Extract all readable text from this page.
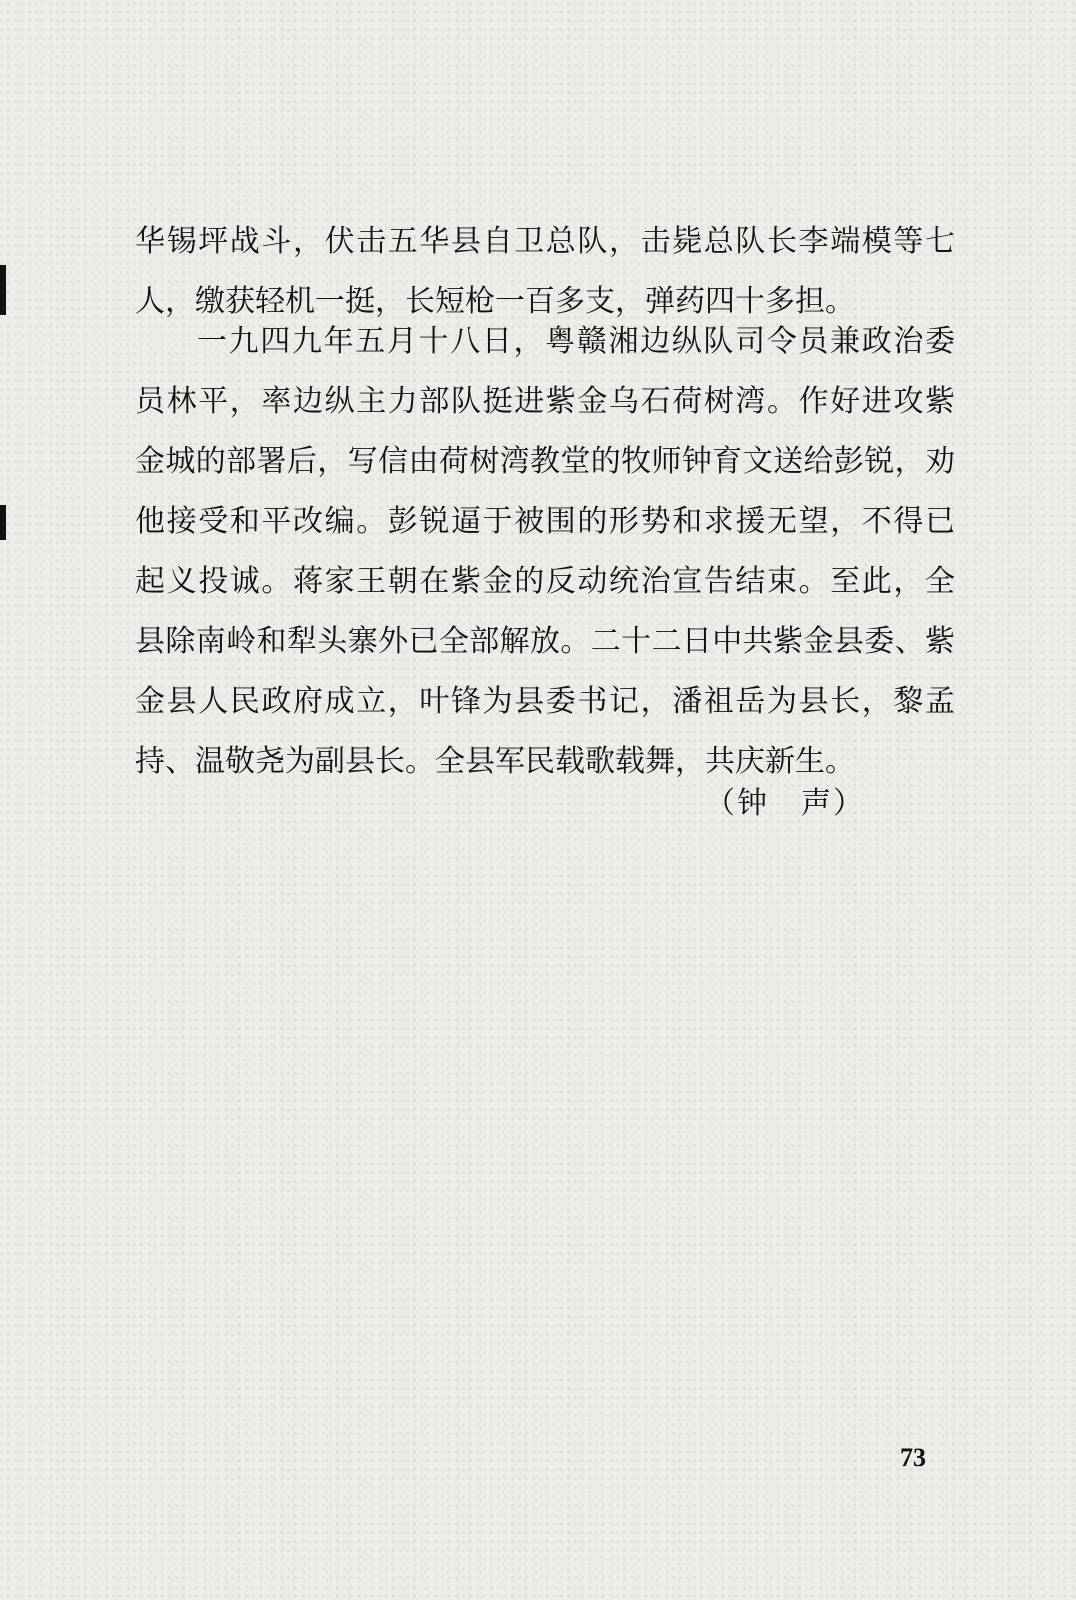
华锡坪战斗，伏击五华县自卫总队，击毙总队长李端模等七
人，缴获轻机一挺，长短枪一百多支，弹药四十多担。
一九四九年五月十八日，粤赣湘边纵队司令员兼政治委
员林平，率边纵主力部队挺进紫金乌石荷树湾。作好进攻紫
金城的部署后，写信由荷树湾教堂的牧师钟育文送给彭锐，劝
他接受和平改编。彭锐逼于被围的形势和求援无望，不得已
起义投诚。蒋家王朝在紫金的反动统治宣告结束。至此，全
县除南岭和犁头寨外已全部解放。二十二日中共紫金县委、紫
金县人民政府成立，叶锋为县委书记，潘祖岳为县长，黎孟
持、温敬尧为副县长。全县军民载歌载舞，共庆新生。
（钟　声）
73
